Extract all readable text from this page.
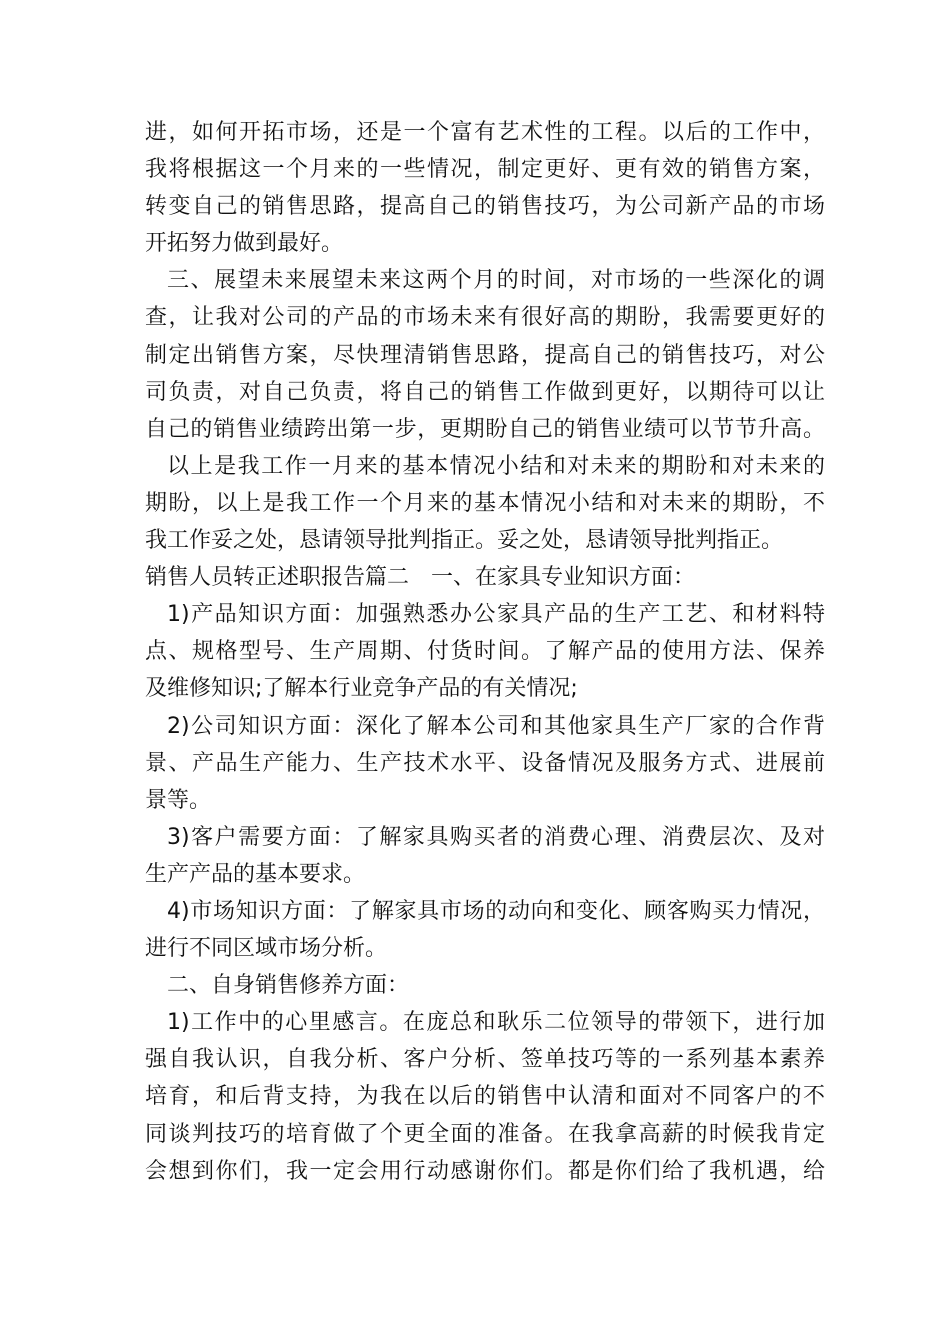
进，如何开拓市场，还是一个富有艺术性的工程。以后的工作中，
我将根据这一个月来的一些情况，制定更好、更有效的销售方案，
转变自己的销售思路，提高自己的销售技巧，为公司新产品的市场
开拓努力做到最好。
三、展望未来展望未来这两个月的时间，对市场的一些深化的调
查，让我对公司的产品的市场未来有很好高的期盼，我需要更好的
制定出销售方案，尽快理清销售思路，提高自己的销售技巧，对公
司负责，对自己负责，将自己的销售工作做到更好，以期待可以让
自己的销售业绩跨出第一步，更期盼自己的销售业绩可以节节升高。
以上是我工作一月来的基本情况小结和对未来的期盼和对未来的
期盼，以上是我工作一个月来的基本情况小结和对未来的期盼，不
我工作妥之处，恳请领导批判指正。妥之处，恳请领导批判指正。
销售人员转正述职报告篇二　一、在家具专业知识方面：
1)产品知识方面：加强熟悉办公家具产品的生产工艺、和材料特
点、规格型号、生产周期、付货时间。了解产品的使用方法、保养
及维修知识;了解本行业竞争产品的有关情况;
2)公司知识方面：深化了解本公司和其他家具生产厂家的合作背
景、产品生产能力、生产技术水平、设备情况及服务方式、进展前
景等。
3)客户需要方面：了解家具购买者的消费心理、消费层次、及对
生产产品的基本要求。
4)市场知识方面：了解家具市场的动向和变化、顾客购买力情况，
进行不同区域市场分析。
二、自身销售修养方面：
1)工作中的心里感言。在庞总和耿乐二位领导的带领下，进行加
强自我认识，自我分析、客户分析、签单技巧等的一系列基本素养
培育，和后背支持，为我在以后的销售中认清和面对不同客户的不
同谈判技巧的培育做了个更全面的准备。在我拿高薪的时候我肯定
会想到你们，我一定会用行动感谢你们。都是你们给了我机遇，给
